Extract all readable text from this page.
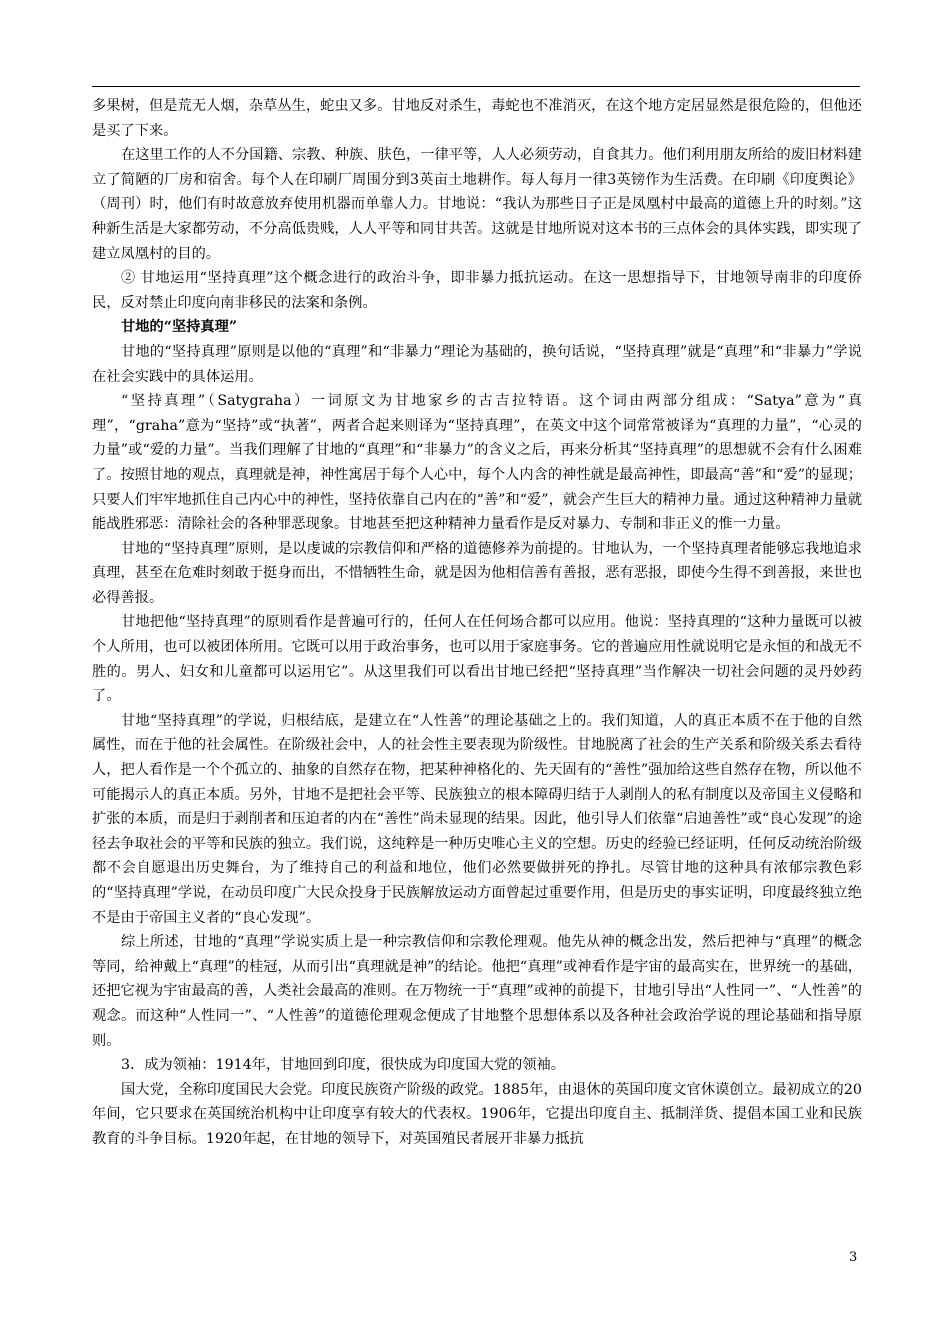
多果树，但是荒无人烟，杂草丛生，蛇虫又多。甘地反对杀生，毒蛇也不准消灭，在这个地方定居显然是很危险的，但他还是买了下来。

在这里工作的人不分国籍、宗教、种族、肤色，一律平等，人人必须劳动，自食其力。他们利用朋友所给的废旧材料建立了简陋的厂房和宿舍。每个人在印刷厂周围分到3英亩土地耕作。每人每月一律3英镑作为生活费。在印刷《印度舆论》（周刊）时，他们有时故意放弃使用机器而单靠人力。甘地说：“我认为那些日子正是凤凰村中最高的道德上升的时刻。”这种新生活是大家都劳动，不分高低贵贱，人人平等和同甘共苦。这就是甘地所说对这本书的三点体会的具体实践，即实现了建立凤凰村的目的。

② 甘地运用“坚持真理”这个概念进行的政治斗争，即非暴力抵抗运动。在这一思想指导下，甘地领导南非的印度侨民，反对禁止印度向南非移民的法案和条例。

甘地的“坚持真理”

甘地的“坚持真理”原则是以他的“真理”和“非暴力”理论为基础的，换句话说，“坚持真理”就是“真理”和“非暴力”学说在社会实践中的具体运用。

“坚持真理”（Satygraha）一词原文为甘地家乡的古吉拉特语。这个词由两部分组成：“Satya”意为“真理”，“graha”意为“坚持”或“执著”，两者合起来则译为“坚持真理”，在英文中这个词常常被译为“真理的力量”，“心灵的力量”或“爱的力量”。当我们理解了甘地的“真理”和“非暴力”的含义之后，再来分析其“坚持真理”的思想就不会有什么困难了。按照甘地的观点，真理就是神，神性寓居于每个人心中，每个人内含的神性就是最高神性，即最高“善”和“爱”的显现；只要人们牢牢地抓住自己内心中的神性，坚持依靠自己内在的“善”和“爱”，就会产生巨大的精神力量。通过这种精神力量就能战胜邪恶：清除社会的各种罪恶现象。甘地甚至把这种精神力量看作是反对暴力、专制和非正义的惟一力量。

甘地的“坚持真理”原则，是以虔诚的宗教信仰和严格的道德修养为前提的。甘地认为，一个坚持真理者能够忘我地追求真理，甚至在危难时刻敢于挺身而出，不惜牺牲生命，就是因为他相信善有善报，恶有恶报，即使今生得不到善报，来世也必得善报。

甘地把他“坚持真理”的原则看作是普遍可行的，任何人在任何场合都可以应用。他说：坚持真理的“这种力量既可以被个人所用，也可以被团体所用。它既可以用于政治事务，也可以用于家庭事务。它的普遍应用性就说明它是永恒的和战无不胜的。男人、妇女和儿童都可以运用它”。从这里我们可以看出甘地已经把“坚持真理”当作解决一切社会问题的灵丹妙药了。

甘地“坚持真理”的学说，归根结底，是建立在“人性善”的理论基础之上的。我们知道，人的真正本质不在于他的自然属性，而在于他的社会属性。在阶级社会中，人的社会性主要表现为阶级性。甘地脱离了社会的生产关系和阶级关系去看待人，把人看作是一个个孤立的、抽象的自然存在物，把某种神格化的、先天固有的“善性”强加给这些自然存在物，所以他不可能揭示人的真正本质。另外，甘地不是把社会平等、民族独立的根本障碍归结于人剥削人的私有制度以及帝国主义侵略和扩张的本质，而是归于剥削者和压迫者的内在“善性”尚未显现的结果。因此，他引导人们依靠“启迪善性”或“良心发现”的途径去争取社会的平等和民族的独立。我们说，这纯粹是一种历史唯心主义的空想。历史的经验已经证明，任何反动统治阶级都不会自愿退出历史舞台，为了维持自己的利益和地位，他们必然要做拼死的挣扎。尽管甘地的这种具有浓郁宗教色彩的“坚持真理”学说，在动员印度广大民众投身于民族解放运动方面曾起过重要作用，但是历史的事实证明，印度最终独立绝不是由于帝国主义者的“良心发现”。

综上所述，甘地的“真理”学说实质上是一种宗教信仰和宗教伦理观。他先从神的概念出发，然后把神与“真理”的概念等同，给神戴上“真理”的桂冠，从而引出“真理就是神”的结论。他把“真理”或神看作是宇宙的最高实在，世界统一的基础，还把它视为宇宙最高的善，人类社会最高的准则。在万物统一于“真理”或神的前提下，甘地引导出“人性同一”、“人性善”的观念。而这种“人性同一”、“人性善”的道德伦理观念便成了甘地整个思想体系以及各种社会政治学说的理论基础和指导原则。

3．成为领袖：1914年，甘地回到印度，很快成为印度国大党的领袖。

国大党，全称印度国民大会党。印度民族资产阶级的政党。1885年，由退休的英国印度文官休谟创立。最初成立的20年间，它只要求在英国统治机构中让印度享有较大的代表权。1906年，它提出印度自主、抵制洋货、提倡本国工业和民族教育的斗争目标。1920年起，在甘地的领导下，对英国殖民者展开非暴力抵抗

3
